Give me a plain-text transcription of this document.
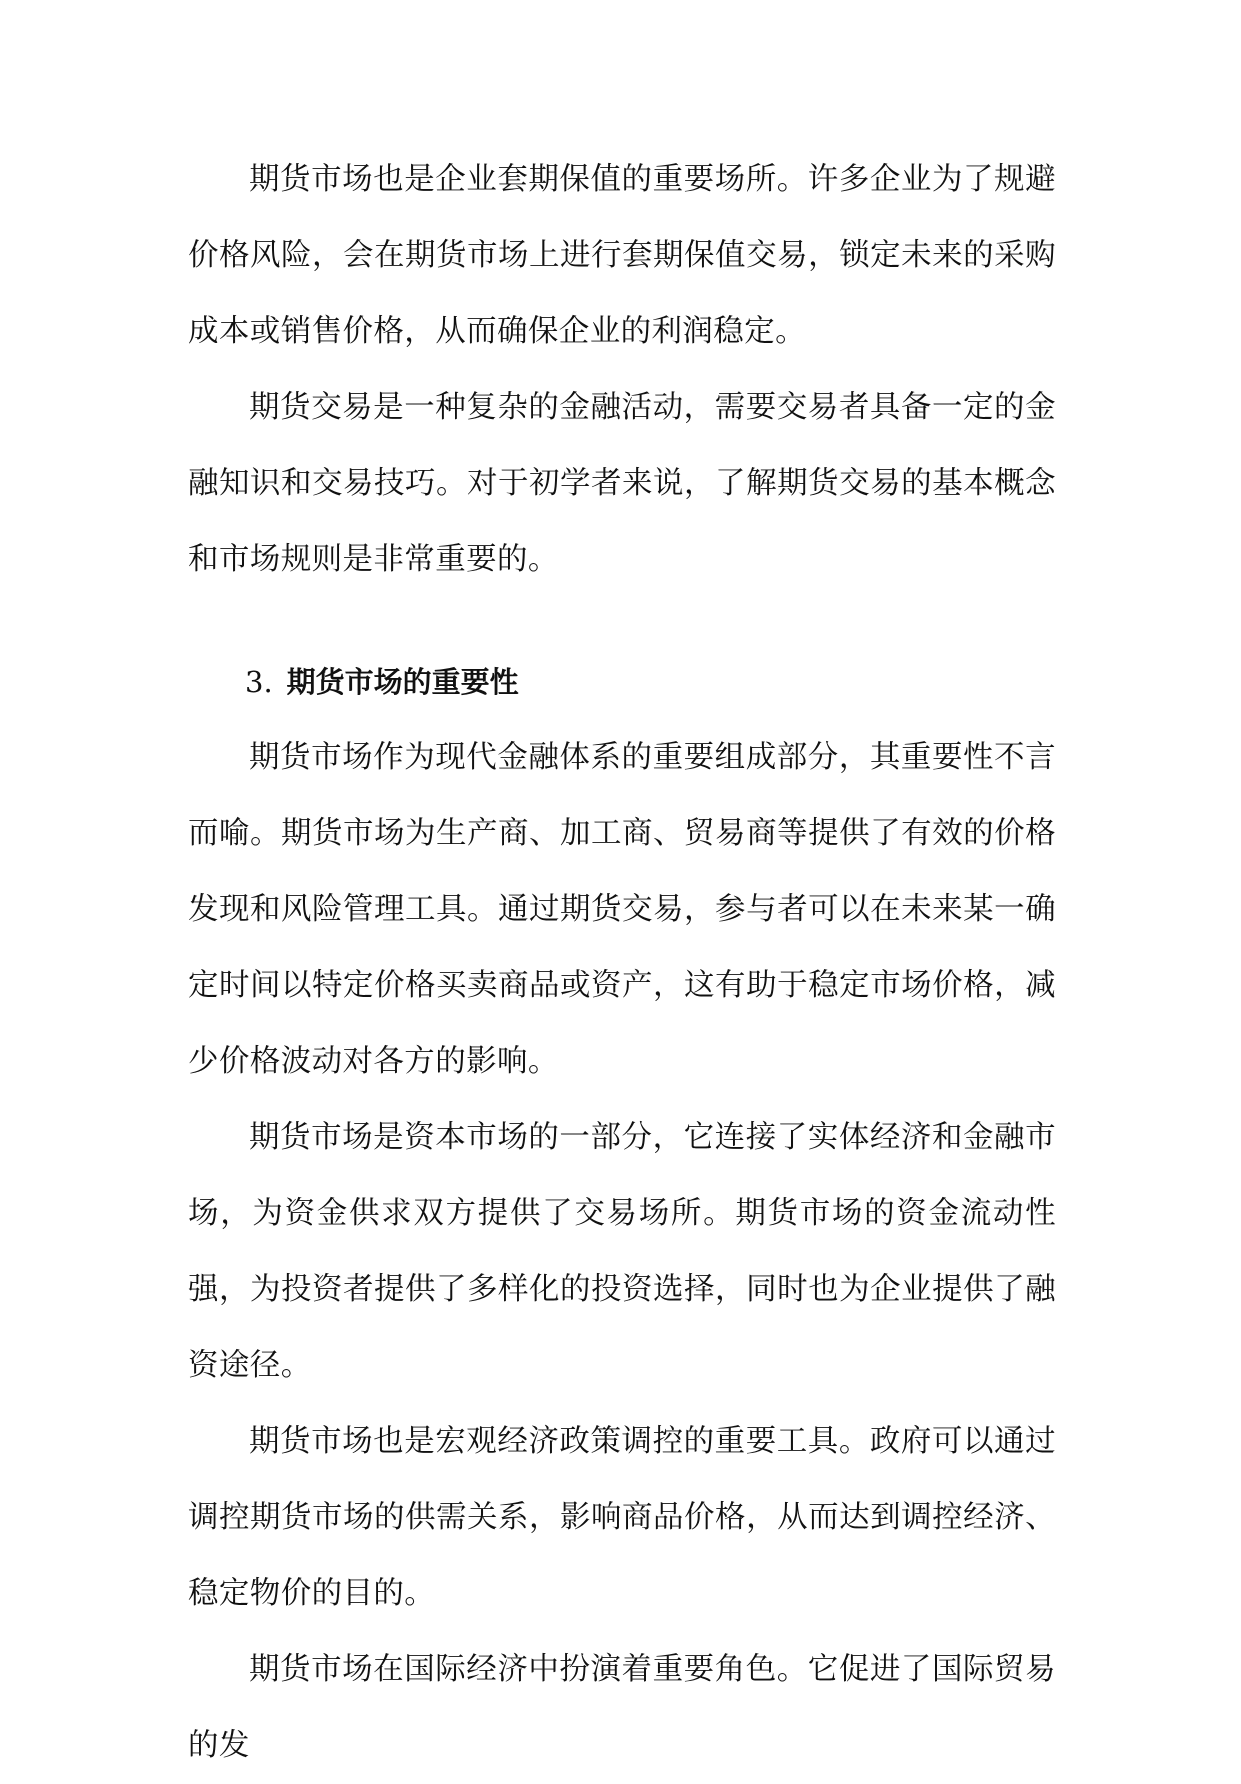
期货市场也是企业套期保值的重要场所。许多企业为了规避价格风险，会在期货市场上进行套期保值交易，锁定未来的采购成本或销售价格，从而确保企业的利润稳定。

期货交易是一种复杂的金融活动，需要交易者具备一定的金融知识和交易技巧。对于初学者来说，了解期货交易的基本概念和市场规则是非常重要的。

3. 期货市场的重要性

期货市场作为现代金融体系的重要组成部分，其重要性不言而喻。期货市场为生产商、加工商、贸易商等提供了有效的价格发现和风险管理工具。通过期货交易，参与者可以在未来某一确定时间以特定价格买卖商品或资产，这有助于稳定市场价格，减少价格波动对各方的影响。

期货市场是资本市场的一部分，它连接了实体经济和金融市场，为资金供求双方提供了交易场所。期货市场的资金流动性强，为投资者提供了多样化的投资选择，同时也为企业提供了融资途径。

期货市场也是宏观经济政策调控的重要工具。政府可以通过调控期货市场的供需关系，影响商品价格，从而达到调控经济、稳定物价的目的。

期货市场在国际经济中扮演着重要角色。它促进了国际贸易的发
